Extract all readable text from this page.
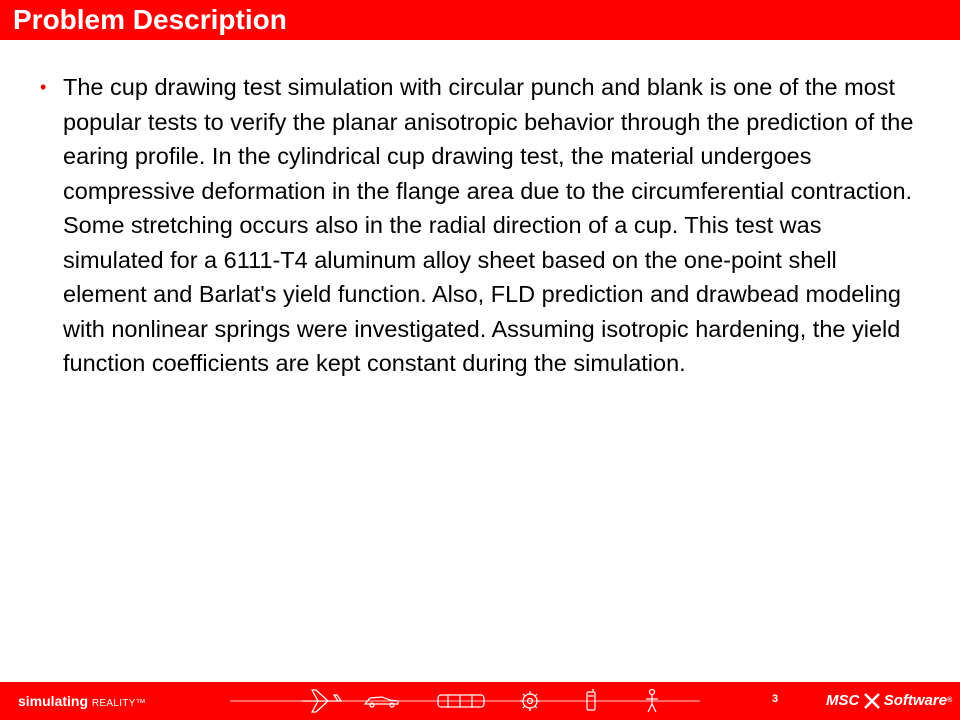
Problem Description
• The cup drawing test simulation with circular punch and blank is one of the most popular tests to verify the planar anisotropic behavior through the prediction of the earing profile. In the cylindrical cup drawing test, the material undergoes compressive deformation in the flange area due to the circumferential contraction. Some stretching occurs also in the radial direction of a cup. This test was simulated for a 6111-T4 aluminum alloy sheet based on the one-point shell element and Barlat's yield function. Also, FLD prediction and drawbead modeling with nonlinear springs were investigated. Assuming isotropic hardening, the yield function coefficients are kept constant during the simulation.

simulating REALITY™	3	MSC Software®
